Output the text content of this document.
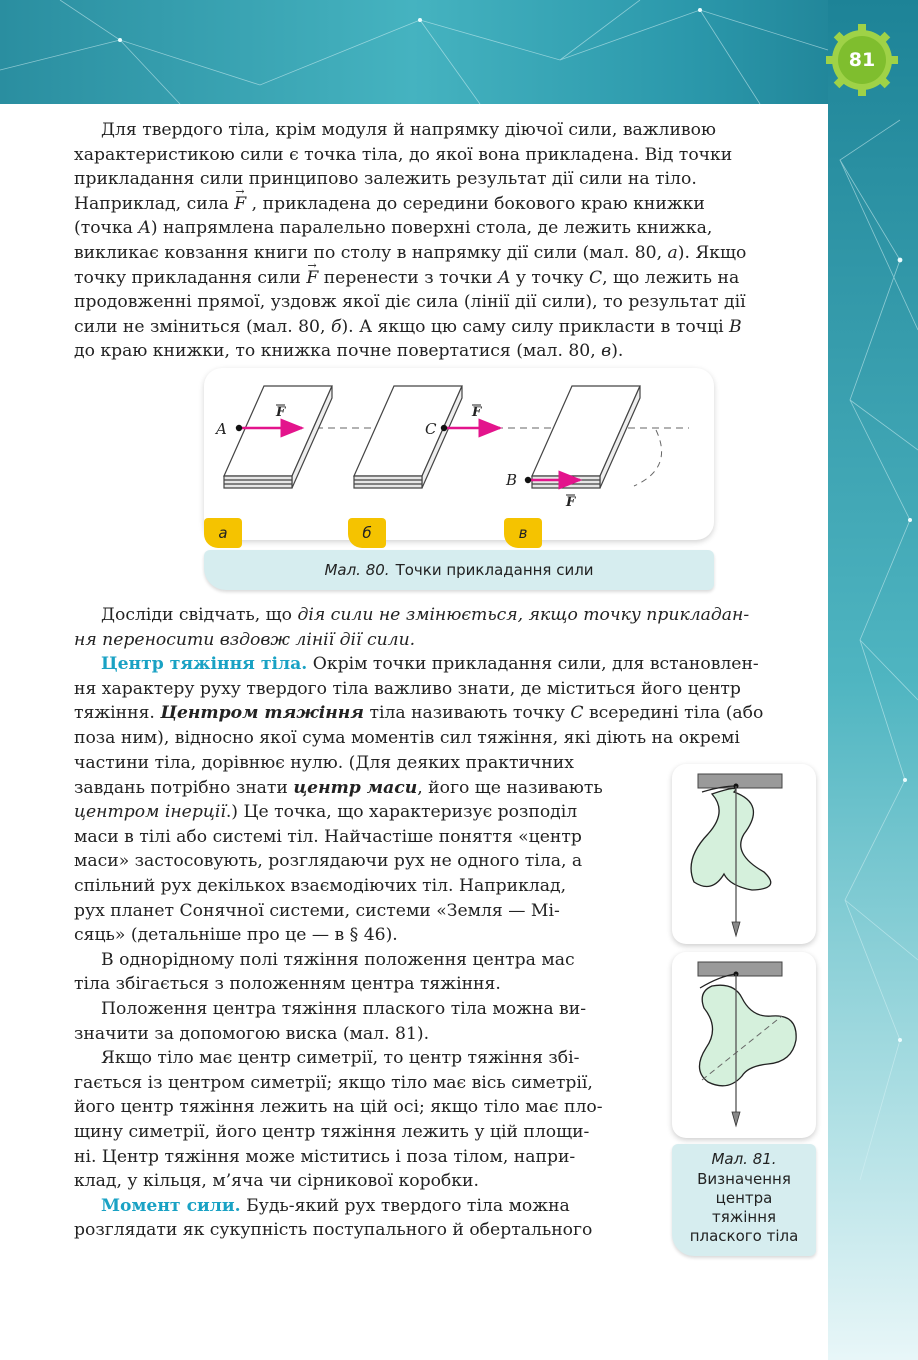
81

Для твердого тіла, крім модуля й напрямку діючої сили, важливою

характеристикою сили є точка тіла, до якої вона прикладена. Від точки

прикладання сили принципово залежить результат дії сили на тіло.

Наприклад, сила → F , прикладена до середини бокового краю книжки

(точка A) напрямлена паралельно поверхні стола, де лежить книжка,

викликає ковзання книги по столу в напрямку дії сили (мал. 80, а). Якщо

точку прикладання сили → F перенести з точки A у точку C, що лежить на

продовженні прямої, уздовж якої діє сила (лінії дії сили), то результат дії

сили не зміниться (мал. 80, б). А якщо цю саму силу прикласти в точці B

до краю книжки, то книжка почне повертатися (мал. 80, в).

A	C
B
F	F
F
а	б	в
Мал. 80. Точки прикладання сили

Досліди свідчать, що дія сили не змінюється, якщо точку прикладан-

ня переносити вздовж лінії дії сили.

Центр тяжіння тіла. Окрім точки прикладання сили, для встановлен-

ня характеру руху твердого тіла важливо знати, де міститься його центр

тяжіння. Центром тяжіння тіла називають точку C всередині тіла (або

поза ним), відносно якої сума моментів сил тяжіння, які діють на окремі

частини тіла, дорівнює нулю. (Для деяких практичних

завдань потрібно знати центр маси, його ще називають

центром інерції.) Це точка, що характеризує розподіл

маси в тілі або системі тіл. Найчастіше поняття «центр

маси» застосовують, розглядаючи рух не одного тіла, а

спільний рух декількох взаємодіючих тіл. Наприклад,

рух планет Сонячної системи, системи «Земля — Мі-

сяць» (детальніше про це — в § 46).

В однорідному полі тяжіння положення центра мас

тіла збігається з положенням центра тяжіння.

Положення центра тяжіння плаского тіла можна ви-

значити за допомогою виска (мал. 81).

Якщо тіло має центр симетрії, то центр тяжіння збі-

гається із центром симетрії; якщо тіло має вісь симетрії,

його центр тяжіння лежить на цій осі; якщо тіло має пло-

щину симетрії, його центр тяжіння лежить у цій площи-

ні. Центр тяжіння може міститись і поза тілом, напри-

клад, у кільця, м’яча чи сірникової коробки.

Момент сили. Будь-який рух твердого тіла можна

розглядати як сукупність поступального й обертального

Мал. 81.
Визначення
центра
тяжіння
плаского тіла
